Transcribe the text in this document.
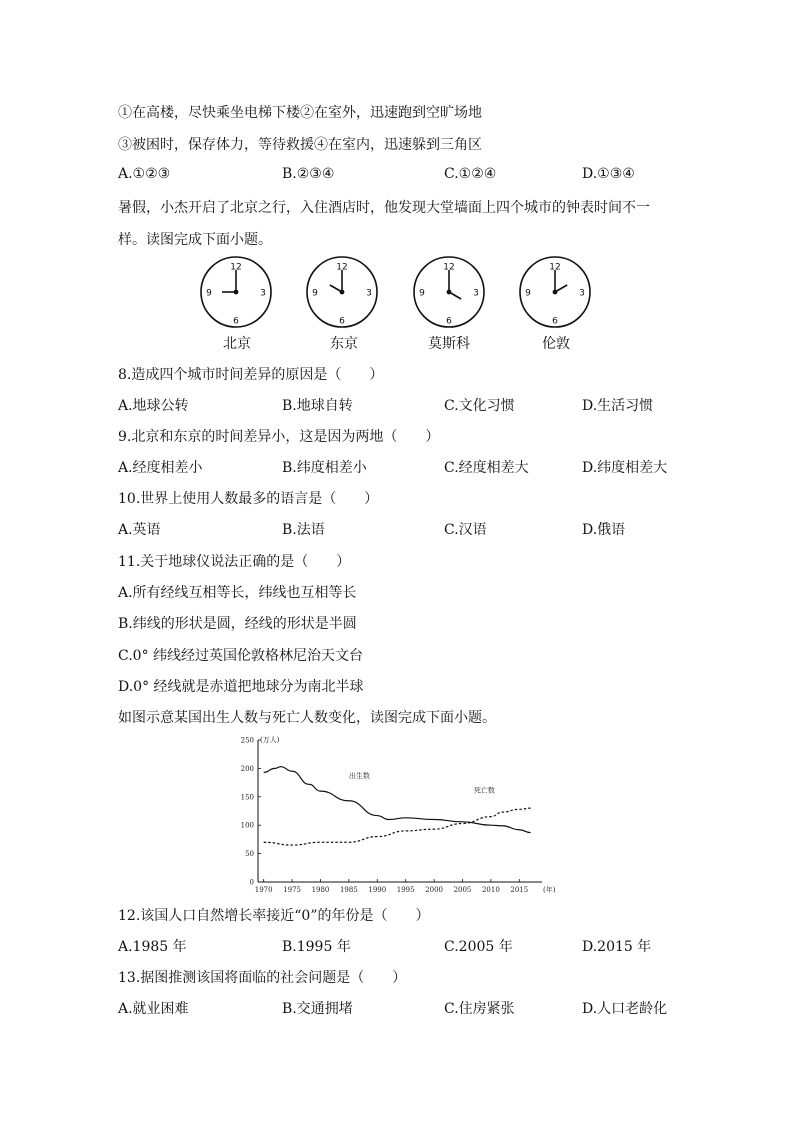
①在高楼，尽快乘坐电梯下楼②在室外，迅速跑到空旷场地
③被困时，保存体力，等待救援④在室内，迅速躲到三角区
A.①②③	B.②③④	C.①②④	D.①③④
暑假，小杰开启了北京之行，入住酒店时，他发现大堂墙面上四个城市的钟表时间不一
样。读图完成下面小题。
12
3
6
9
12
3
6
9
12
3
6
9
12
3
6
9
北京	东京	莫斯科	伦敦
8.造成四个城市时间差异的原因是（　　）
A.地球公转	B.地球自转	C.文化习惯	D.生活习惯
9.北京和东京的时间差异小，这是因为两地（　　）
A.经度相差小	B.纬度相差小	C.经度相差大	D.纬度相差大
10.世界上使用人数最多的语言是（　　）
A.英语	B.法语	C.汉语	D.俄语
11.关于地球仪说法正确的是（　　）
A.所有经线互相等长，纬线也互相等长
B.纬线的形状是圆，经线的形状是半圆
C.0° 纬线经过英国伦敦格林尼治天文台
D.0° 经线就是赤道把地球分为南北半球
如图示意某国出生人数与死亡人数变化，读图完成下面小题。
0
50
100
150
200
250
1970 1975 1980 1985 1990 1995 2000 2005 2010 2015
(万人)
(年)
出生数
死亡数
12.该国人口自然增长率接近“0”的年份是（　　）
A.1985 年	B.1995 年	C.2005 年	D.2015 年
13.据图推测该国将面临的社会问题是（　　）
A.就业困难	B.交通拥堵	C.住房紧张	D.人口老龄化
